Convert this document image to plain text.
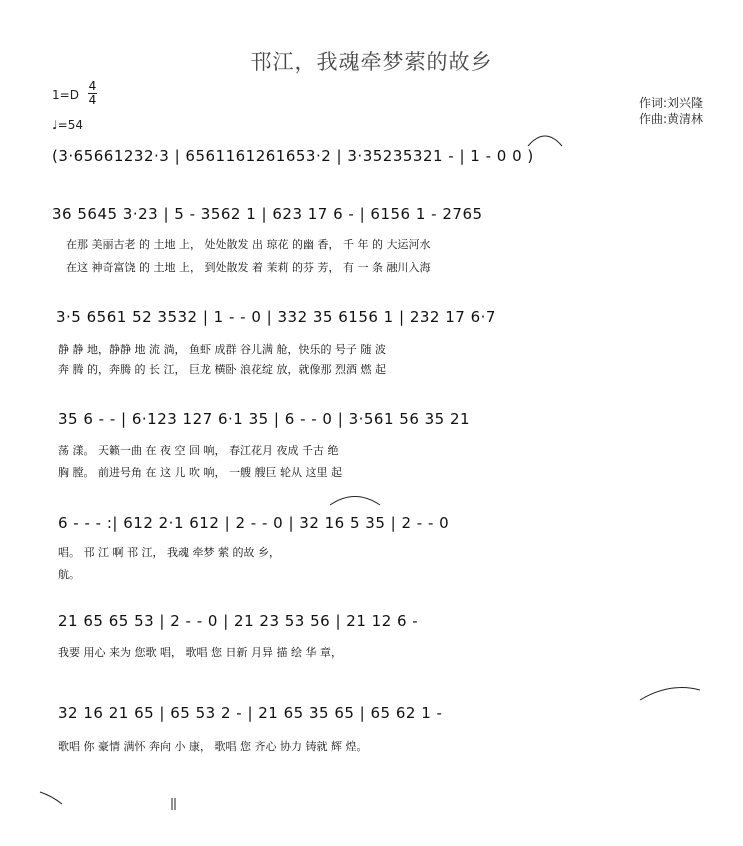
邗江，我魂牵梦萦的故乡
1=D
4
4
♩=54
作词:刘兴隆
作曲:黄清林
(3·65661232·3 | 6561161261653·2 | 3·35235321 - | 1 - 0 0 )
36 5645 3·23 | 5 - 3562 1 | 623 17 6 - | 6156 1 - 2765
在那 美丽古老 的 土地 上， 处处散发 出 琼花 的幽 香， 千 年 的 大运河水
在这 神奇富饶 的 土地 上， 到处散发 着 茉莉 的芬 芳， 有 一 条 融川入海
3·5 6561 52 3532 | 1 - - 0 | 332 35 6156 1 | 232 17 6·7
静 静 地，静静 地 流 淌， 鱼虾 成群 谷儿满 舱，快乐的 号子 随 波
奔 腾 的，奔腾 的 长 江， 巨龙 横卧 浪花绽 放，就像那 烈酒 燃 起
35 6 - - | 6·123 127 6·1 35 | 6 - - 0 | 3·561 56 35 21
荡 漾。 天籁一曲 在 夜 空 回 响， 春江花月 夜成 千古 绝
胸 膛。 前进号角 在 这 儿 吹 响， 一艘 艘巨 轮从 这里 起
6 - - - :| 612 2·1 612 | 2 - - 0 | 32 16 5 35 | 2 - - 0
唱。 邗 江 啊 邗 江， 我魂 牵梦 萦 的故 乡，
航。
21 65 65 53 | 2 - - 0 | 21 23 53 56 | 21 12 6 -
我要 用心 来为 您歌 唱， 歌唱 您 日新 月异 描 绘 华 章，
32 16 21 65 | 65 53 2 - | 21 65 35 65 | 65 62 1 -
歌唱 你 豪情 满怀 奔向 小 康， 歌唱 您 齐心 协力 铸就 辉 煌。
